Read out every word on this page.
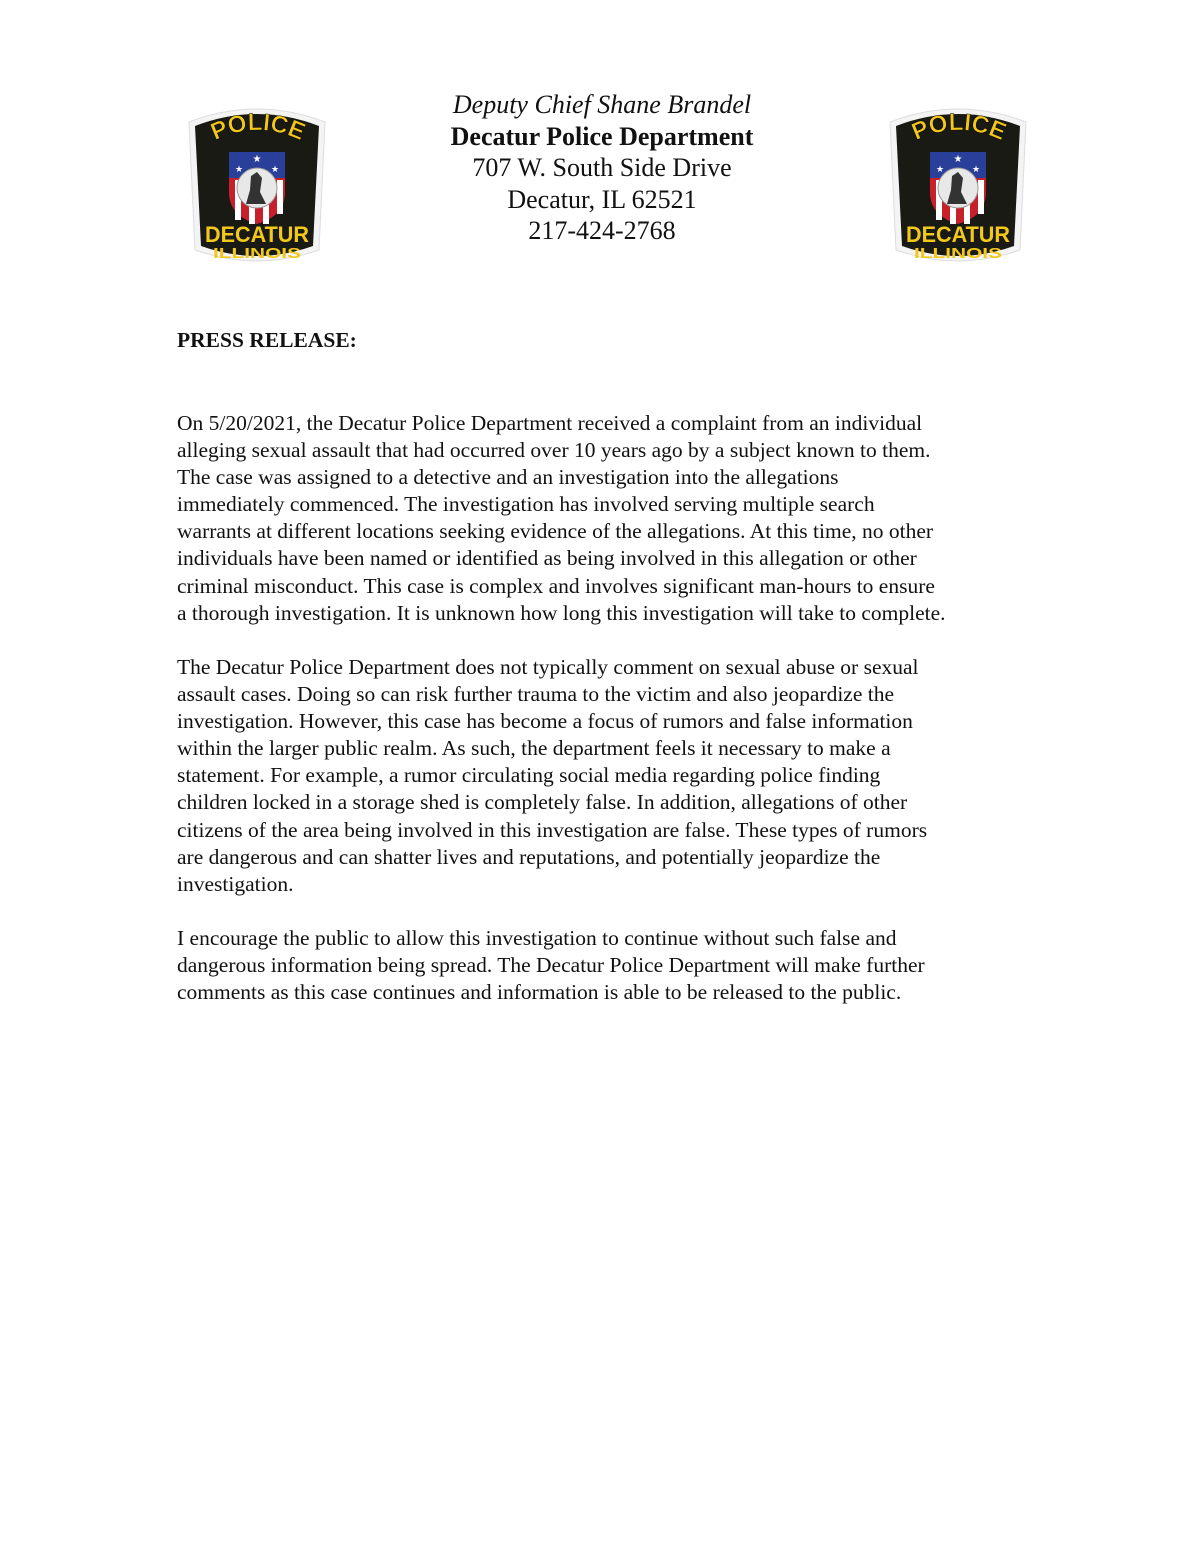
POLICE
★
★	★
DECATUR
ILLINOIS
POLICE
★
★	★
DECATUR
ILLINOIS
Deputy Chief Shane Brandel
Decatur Police Department
707 W. South Side Drive
Decatur, IL 62521
217-424-2768
PRESS RELEASE:
On 5/20/2021, the Decatur Police Department received a complaint from an individual
alleging sexual assault that had occurred over 10 years ago by a subject known to them.
The case was assigned to a detective and an investigation into the allegations
immediately commenced. The investigation has involved serving multiple search
warrants at different locations seeking evidence of the allegations. At this time, no other
individuals have been named or identified as being involved in this allegation or other
criminal misconduct. This case is complex and involves significant man-hours to ensure
a thorough investigation. It is unknown how long this investigation will take to complete.
The Decatur Police Department does not typically comment on sexual abuse or sexual
assault cases. Doing so can risk further trauma to the victim and also jeopardize the
investigation. However, this case has become a focus of rumors and false information
within the larger public realm. As such, the department feels it necessary to make a
statement. For example, a rumor circulating social media regarding police finding
children locked in a storage shed is completely false. In addition, allegations of other
citizens of the area being involved in this investigation are false. These types of rumors
are dangerous and can shatter lives and reputations, and potentially jeopardize the
investigation.
I encourage the public to allow this investigation to continue without such false and
dangerous information being spread. The Decatur Police Department will make further
comments as this case continues and information is able to be released to the public.
